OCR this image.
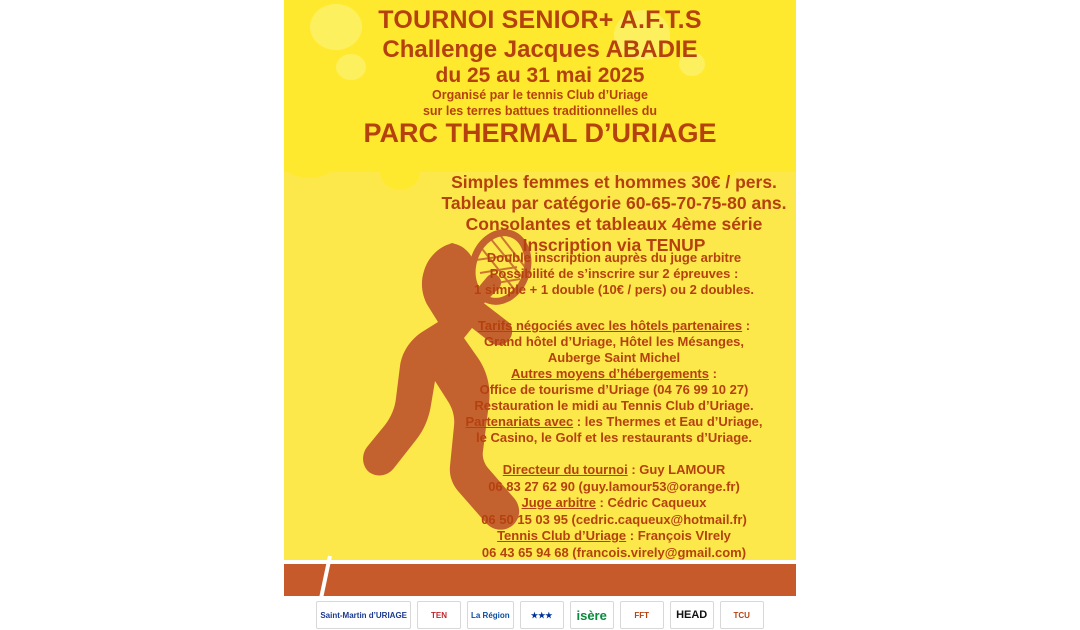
TOURNOI SENIOR+ A.F.T.S
Challenge Jacques ABADIE
du 25 au 31 mai 2025
Organisé par le tennis Club d’Uriage
sur les terres battues traditionnelles du
PARC THERMAL D’URIAGE
Simples femmes et hommes 30€ / pers.
Tableau par catégorie 60-65-70-75-80 ans.
Consolantes et tableaux 4ème série
Inscription via TENUP
Double inscription auprès du juge arbitre
Possibilité de s’inscrire sur 2 épreuves :
1 simple + 1 double (10€ / pers) ou 2 doubles.
Tarifs négociés avec les hôtels partenaires :
Grand hôtel d’Uriage, Hôtel les Mésanges,
Auberge Saint Michel
Autres moyens d’hébergements :
Office de tourisme d’Uriage (04 76 99 10 27)
Restauration le midi au Tennis Club d’Uriage.
Partenariats avec : les Thermes et Eau d’Uriage,
le Casino, le Golf et les restaurants d’Uriage.
Directeur du tournoi : Guy LAMOUR
06 83 27 62 90 (guy.lamour53@orange.fr)
Juge arbitre : Cédric Caqueux
06 50 15 03 95 (cedric.caqueux@hotmail.fr)
Tennis Club d’Uriage : François VIrely
06 43 65 94 68 (francois.virely@gmail.com)
Saint-Martin d’URIAGE	TEN	La Région	★★★	isère	FFT	HEAD	TCU
